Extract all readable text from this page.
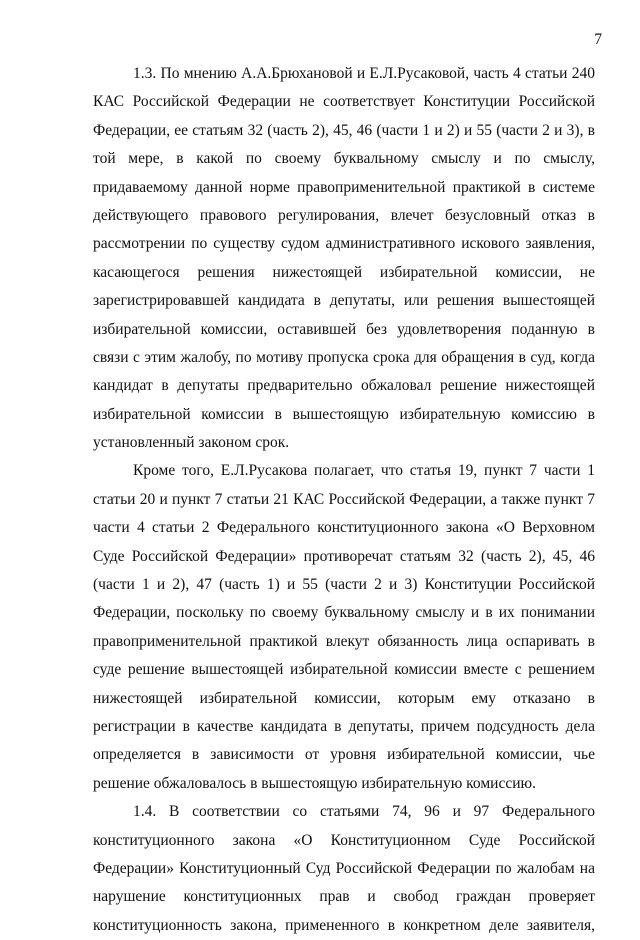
7
1.3. По мнению А.А.Брюхановой и Е.Л.Русаковой, часть 4 статьи 240
КАС Российской Федерации не соответствует Конституции Российской
Федерации, ее статьям 32 (часть 2), 45, 46 (части 1 и 2) и 55 (части 2 и 3), в
той мере, в какой по своему буквальному смыслу и по смыслу,
придаваемому данной норме правоприменительной практикой в системе
действующего правового регулирования, влечет безусловный отказ в
рассмотрении по существу судом административного искового заявления,
касающегося решения нижестоящей избирательной комиссии, не
зарегистрировавшей кандидата в депутаты, или решения вышестоящей
избирательной комиссии, оставившей без удовлетворения поданную в
связи с этим жалобу, по мотиву пропуска срока для обращения в суд, когда
кандидат в депутаты предварительно обжаловал решение нижестоящей
избирательной комиссии в вышестоящую избирательную комиссию в
установленный законом срок.
Кроме того, Е.Л.Русакова полагает, что статья 19, пункт 7 части 1
статьи 20 и пункт 7 статьи 21 КАС Российской Федерации, а также пункт 7
части 4 статьи 2 Федерального конституционного закона «О Верховном
Суде Российской Федерации» противоречат статьям 32 (часть 2), 45, 46
(части 1 и 2), 47 (часть 1) и 55 (части 2 и 3) Конституции Российской
Федерации, поскольку по своему буквальному смыслу и в их понимании
правоприменительной практикой влекут обязанность лица оспаривать в
суде решение вышестоящей избирательной комиссии вместе с решением
нижестоящей избирательной комиссии, которым ему отказано в
регистрации в качестве кандидата в депутаты, причем подсудность дела
определяется в зависимости от уровня избирательной комиссии, чье
решение обжаловалось в вышестоящую избирательную комиссию.
1.4. В соответствии со статьями 74, 96 и 97 Федерального
конституционного закона «О Конституционном Суде Российской
Федерации» Конституционный Суд Российской Федерации по жалобам на
нарушение конституционных прав и свобод граждан проверяет
конституционность закона, примененного в конкретном деле заявителя,
